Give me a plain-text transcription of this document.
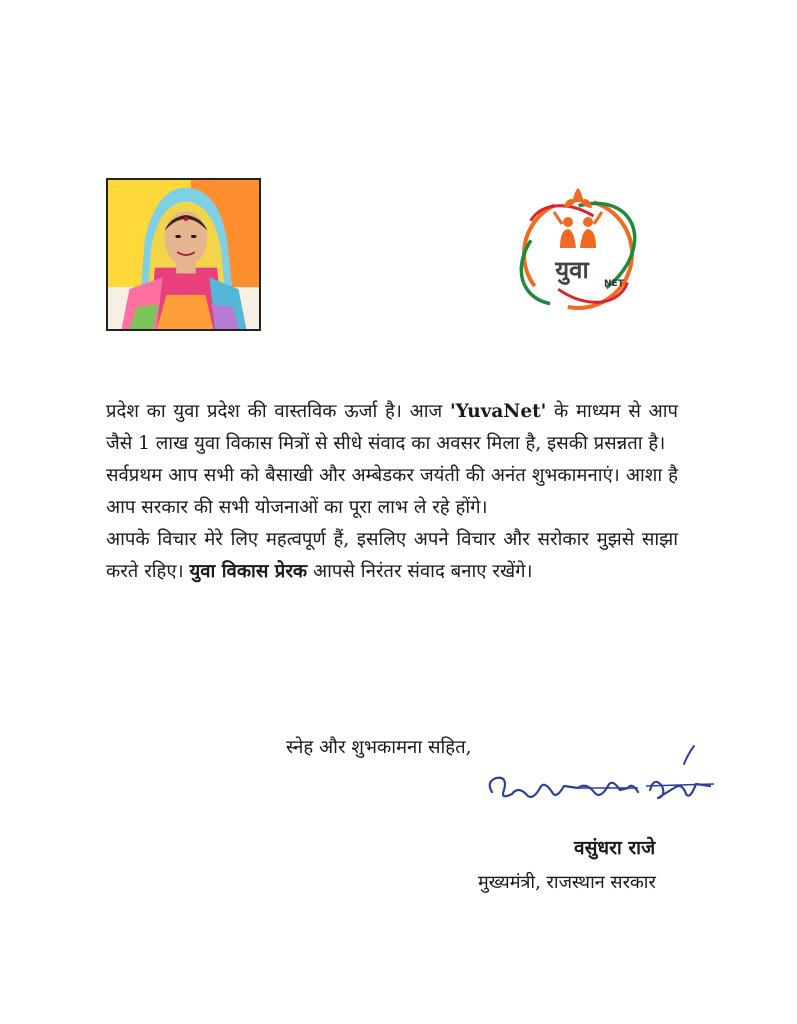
युवा NET

प्रदेश का युवा प्रदेश की वास्तविक ऊर्जा है। आज 'YuvaNet' के माध्यम से आप जैसे 1 लाख युवा विकास मित्रों से सीधे संवाद का अवसर मिला है, इसकी प्रसन्नता है।

सर्वप्रथम आप सभी को बैसाखी और अम्बेडकर जयंती की अनंत शुभकामनाएं। आशा है आप सरकार की सभी योजनाओं का पूरा लाभ ले रहे होंगे।

आपके विचार मेरे लिए महत्वपूर्ण हैं, इसलिए अपने विचार और सरोकार मुझसे साझा करते रहिए। युवा विकास प्रेरक आपसे निरंतर संवाद बनाए रखेंगे।

स्नेह और शुभकामना सहित,
वसुंधरा राजे
मुख्यमंत्री, राजस्थान सरकार
